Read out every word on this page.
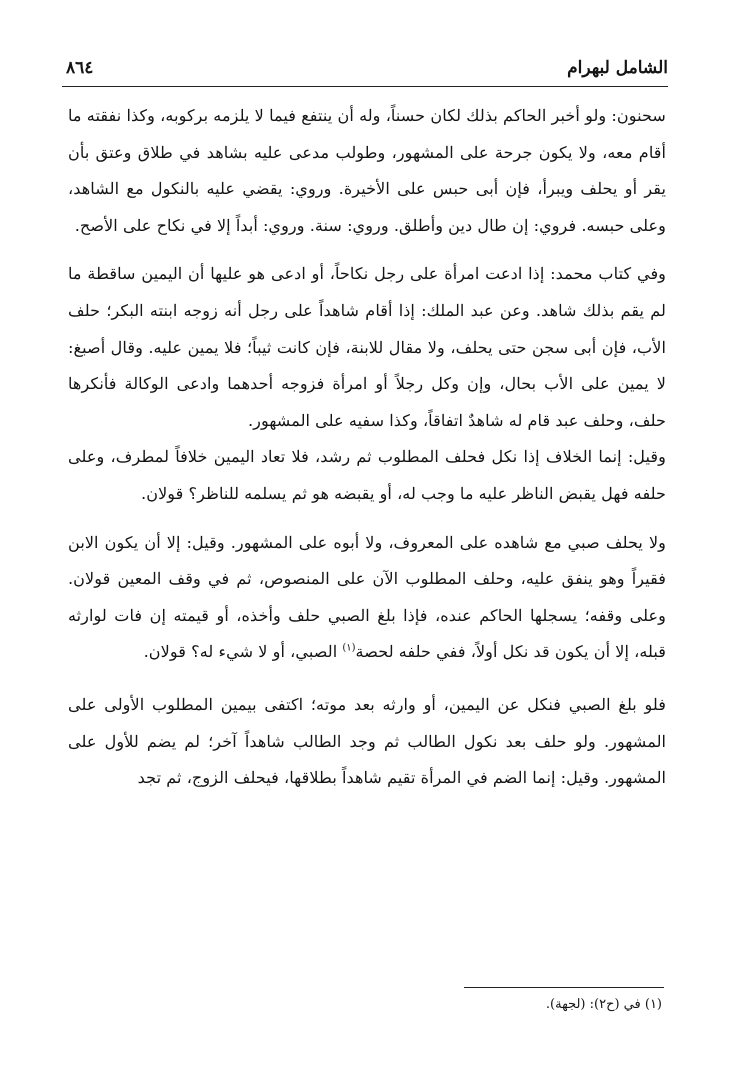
الشامل لبهرام
٨٦٤

سحنون: ولو أخبر الحاكم بذلك لكان حسناً، وله أن ينتفع فيما لا يلزمه بركوبه، وكذا نفقته ما أقام معه، ولا يكون جرحة على المشهور، وطولب مدعى عليه بشاهد في طلاق وعتق بأن يقر أو يحلف ويبرأ، فإن أبى حبس على الأخيرة. وروي: يقضي عليه بالنكول مع الشاهد، وعلى حبسه. فروي: إن طال دين وأطلق. وروي: سنة. وروي: أبداً إلا في نكاح على الأصح.

وفي كتاب محمد: إذا ادعت امرأة على رجل نكاحاً، أو ادعى هو عليها أن اليمين ساقطة ما لم يقم بذلك شاهد. وعن عبد الملك: إذا أقام شاهداً على رجل أنه زوجه ابنته البكر؛ حلف الأب، فإن أبى سجن حتى يحلف، ولا مقال للابنة، فإن كانت ثيباً؛ فلا يمين عليه. وقال أصبغ: لا يمين على الأب بحال، وإن وكل رجلاً أو امرأة فزوجه أحدهما وادعى الوكالة فأنكرها حلف، وحلف عبد قام له شاهدٌ اتفاقاً، وكذا سفيه على المشهور.

وقيل: إنما الخلاف إذا نكل فحلف المطلوب ثم رشد، فلا تعاد اليمين خلافاً لمطرف، وعلى حلفه فهل يقبض الناظر عليه ما وجب له، أو يقبضه هو ثم يسلمه للناظر؟ قولان.

ولا يحلف صبي مع شاهده على المعروف، ولا أبوه على المشهور. وقيل: إلا أن يكون الابن فقيراً وهو ينفق عليه، وحلف المطلوب الآن على المنصوص، ثم في وقف المعين قولان. وعلى وقفه؛ يسجلها الحاكم عنده، فإذا بلغ الصبي حلف وأخذه، أو قيمته إن فات لوارثه قبله، إلا أن يكون قد نكل أولاً، ففي حلفه لحصة$^{(١)}$ الصبي، أو لا شيء له؟ قولان.

فلو بلغ الصبي فنكل عن اليمين، أو وارثه بعد موته؛ اكتفى بيمين المطلوب الأولى على المشهور. ولو حلف بعد نكول الطالب ثم وجد الطالب شاهداً آخر؛ لم يضم للأول على المشهور. وقيل: إنما الضم في المرأة تقيم شاهداً بطلاقها، فيحلف الزوج، ثم تجد

(١) في (ح٢): (لجهة).
